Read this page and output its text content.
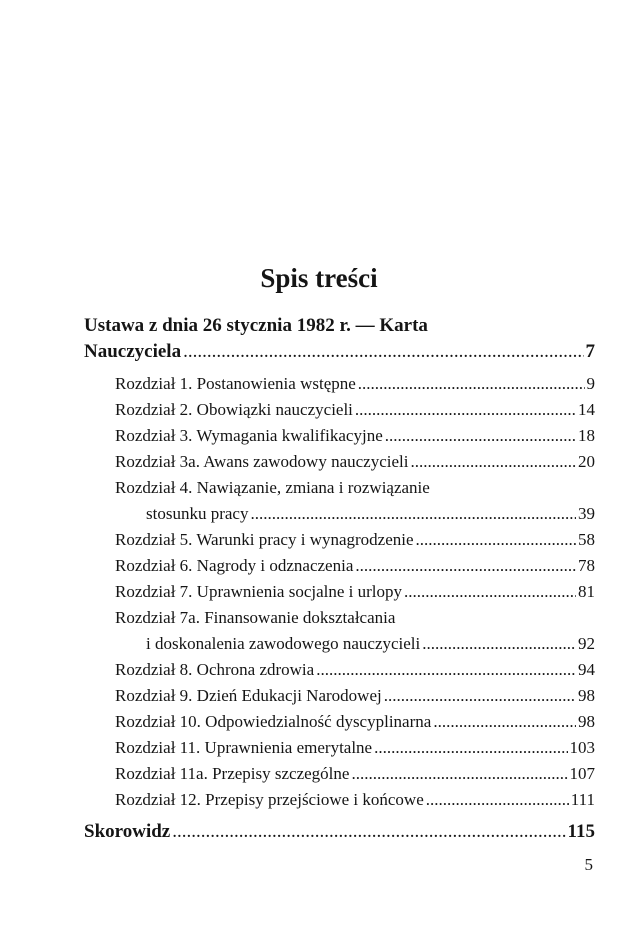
Spis treści
Ustawa z dnia 26 stycznia 1982 r. — Karta
Nauczyciela .....	7
Rozdział 1. Postanowienia wstępne .....	9
Rozdział 2. Obowiązki nauczycieli .....	14
Rozdział 3. Wymagania kwalifikacyjne .....	18
Rozdział 3a. Awans zawodowy nauczycieli .....	20
Rozdział 4. Nawiązanie, zmiana i rozwiązanie
stosunku pracy .....	39
Rozdział 5. Warunki pracy i wynagrodzenie .....	58
Rozdział 6. Nagrody i odznaczenia .....	78
Rozdział 7. Uprawnienia socjalne i urlopy .....	81
Rozdział 7a. Finansowanie dokształcania
i doskonalenia zawodowego nauczycieli .....	92
Rozdział 8. Ochrona zdrowia .....	94
Rozdział 9. Dzień Edukacji Narodowej .....	98
Rozdział 10. Odpowiedzialność dyscyplinarna .....	98
Rozdział 11. Uprawnienia emerytalne .....	103
Rozdział 11a. Przepisy szczególne .....	107
Rozdział 12. Przepisy przejściowe i końcowe .....	111
Skorowidz .....	115
5
